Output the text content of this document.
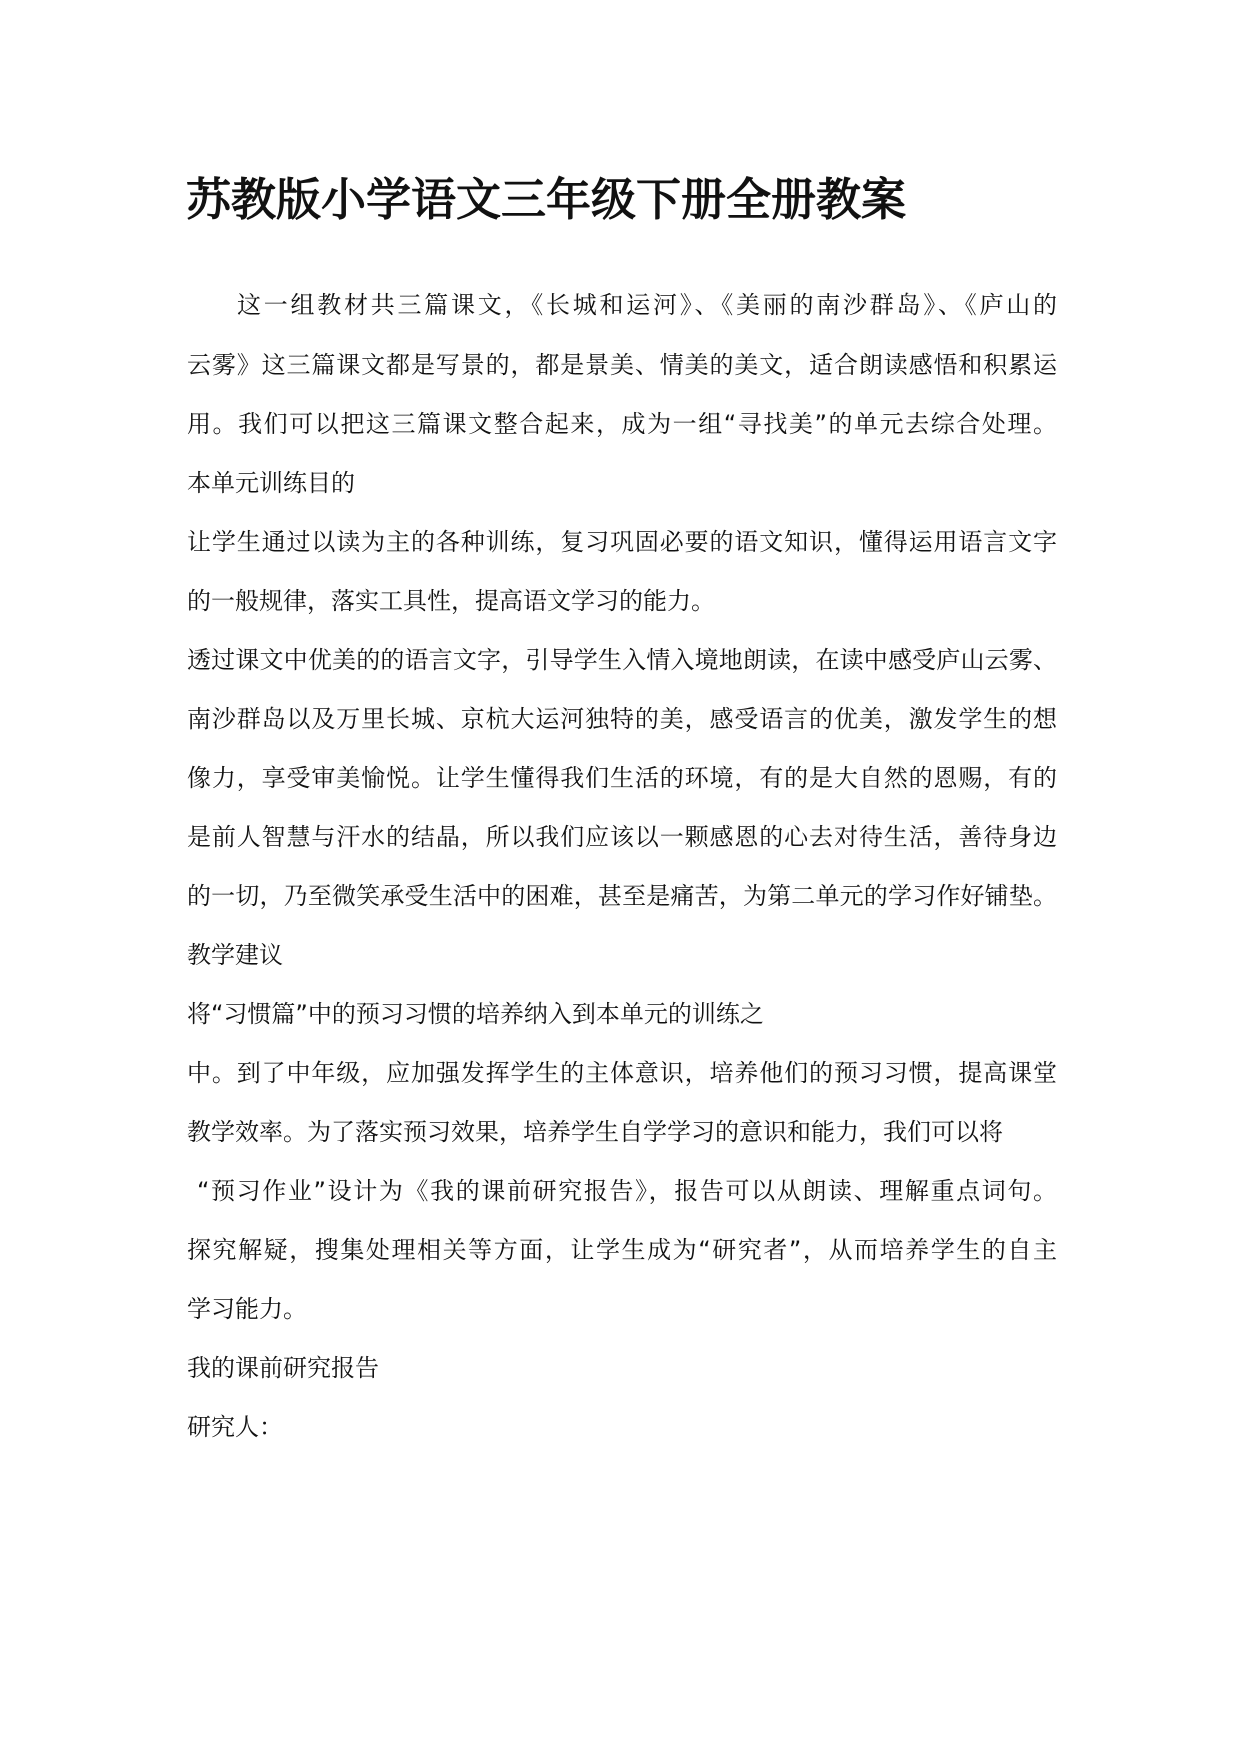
苏教版小学语文三年级下册全册教案
这一组教材共三篇课文，《长城和运河》、《美丽的南沙群岛》、《庐山的
云雾》这三篇课文都是写景的，都是景美、情美的美文，适合朗读感悟和积累运
用。我们可以把这三篇课文整合起来，成为一组“寻找美”的单元去综合处理。
本单元训练目的
让学生通过以读为主的各种训练，复习巩固必要的语文知识，懂得运用语言文字
的一般规律，落实工具性，提高语文学习的能力。
透过课文中优美的的语言文字，引导学生入情入境地朗读，在读中感受庐山云雾、
南沙群岛以及万里长城、京杭大运河独特的美，感受语言的优美，激发学生的想
像力，享受审美愉悦。让学生懂得我们生活的环境，有的是大自然的恩赐，有的
是前人智慧与汗水的结晶，所以我们应该以一颗感恩的心去对待生活，善待身边
的一切，乃至微笑承受生活中的困难，甚至是痛苦，为第二单元的学习作好铺垫。
教学建议
将“习惯篇”中的预习习惯的培养纳入到本单元的训练之
中。到了中年级，应加强发挥学生的主体意识，培养他们的预习习惯，提高课堂
教学效率。为了落实预习效果，培养学生自学学习的意识和能力，我们可以将
“预习作业”设计为《我的课前研究报告》，报告可以从朗读、理解重点词句。
探究解疑，搜集处理相关等方面，让学生成为“研究者”，从而培养学生的自主
学习能力。
我的课前研究报告
研究人：
